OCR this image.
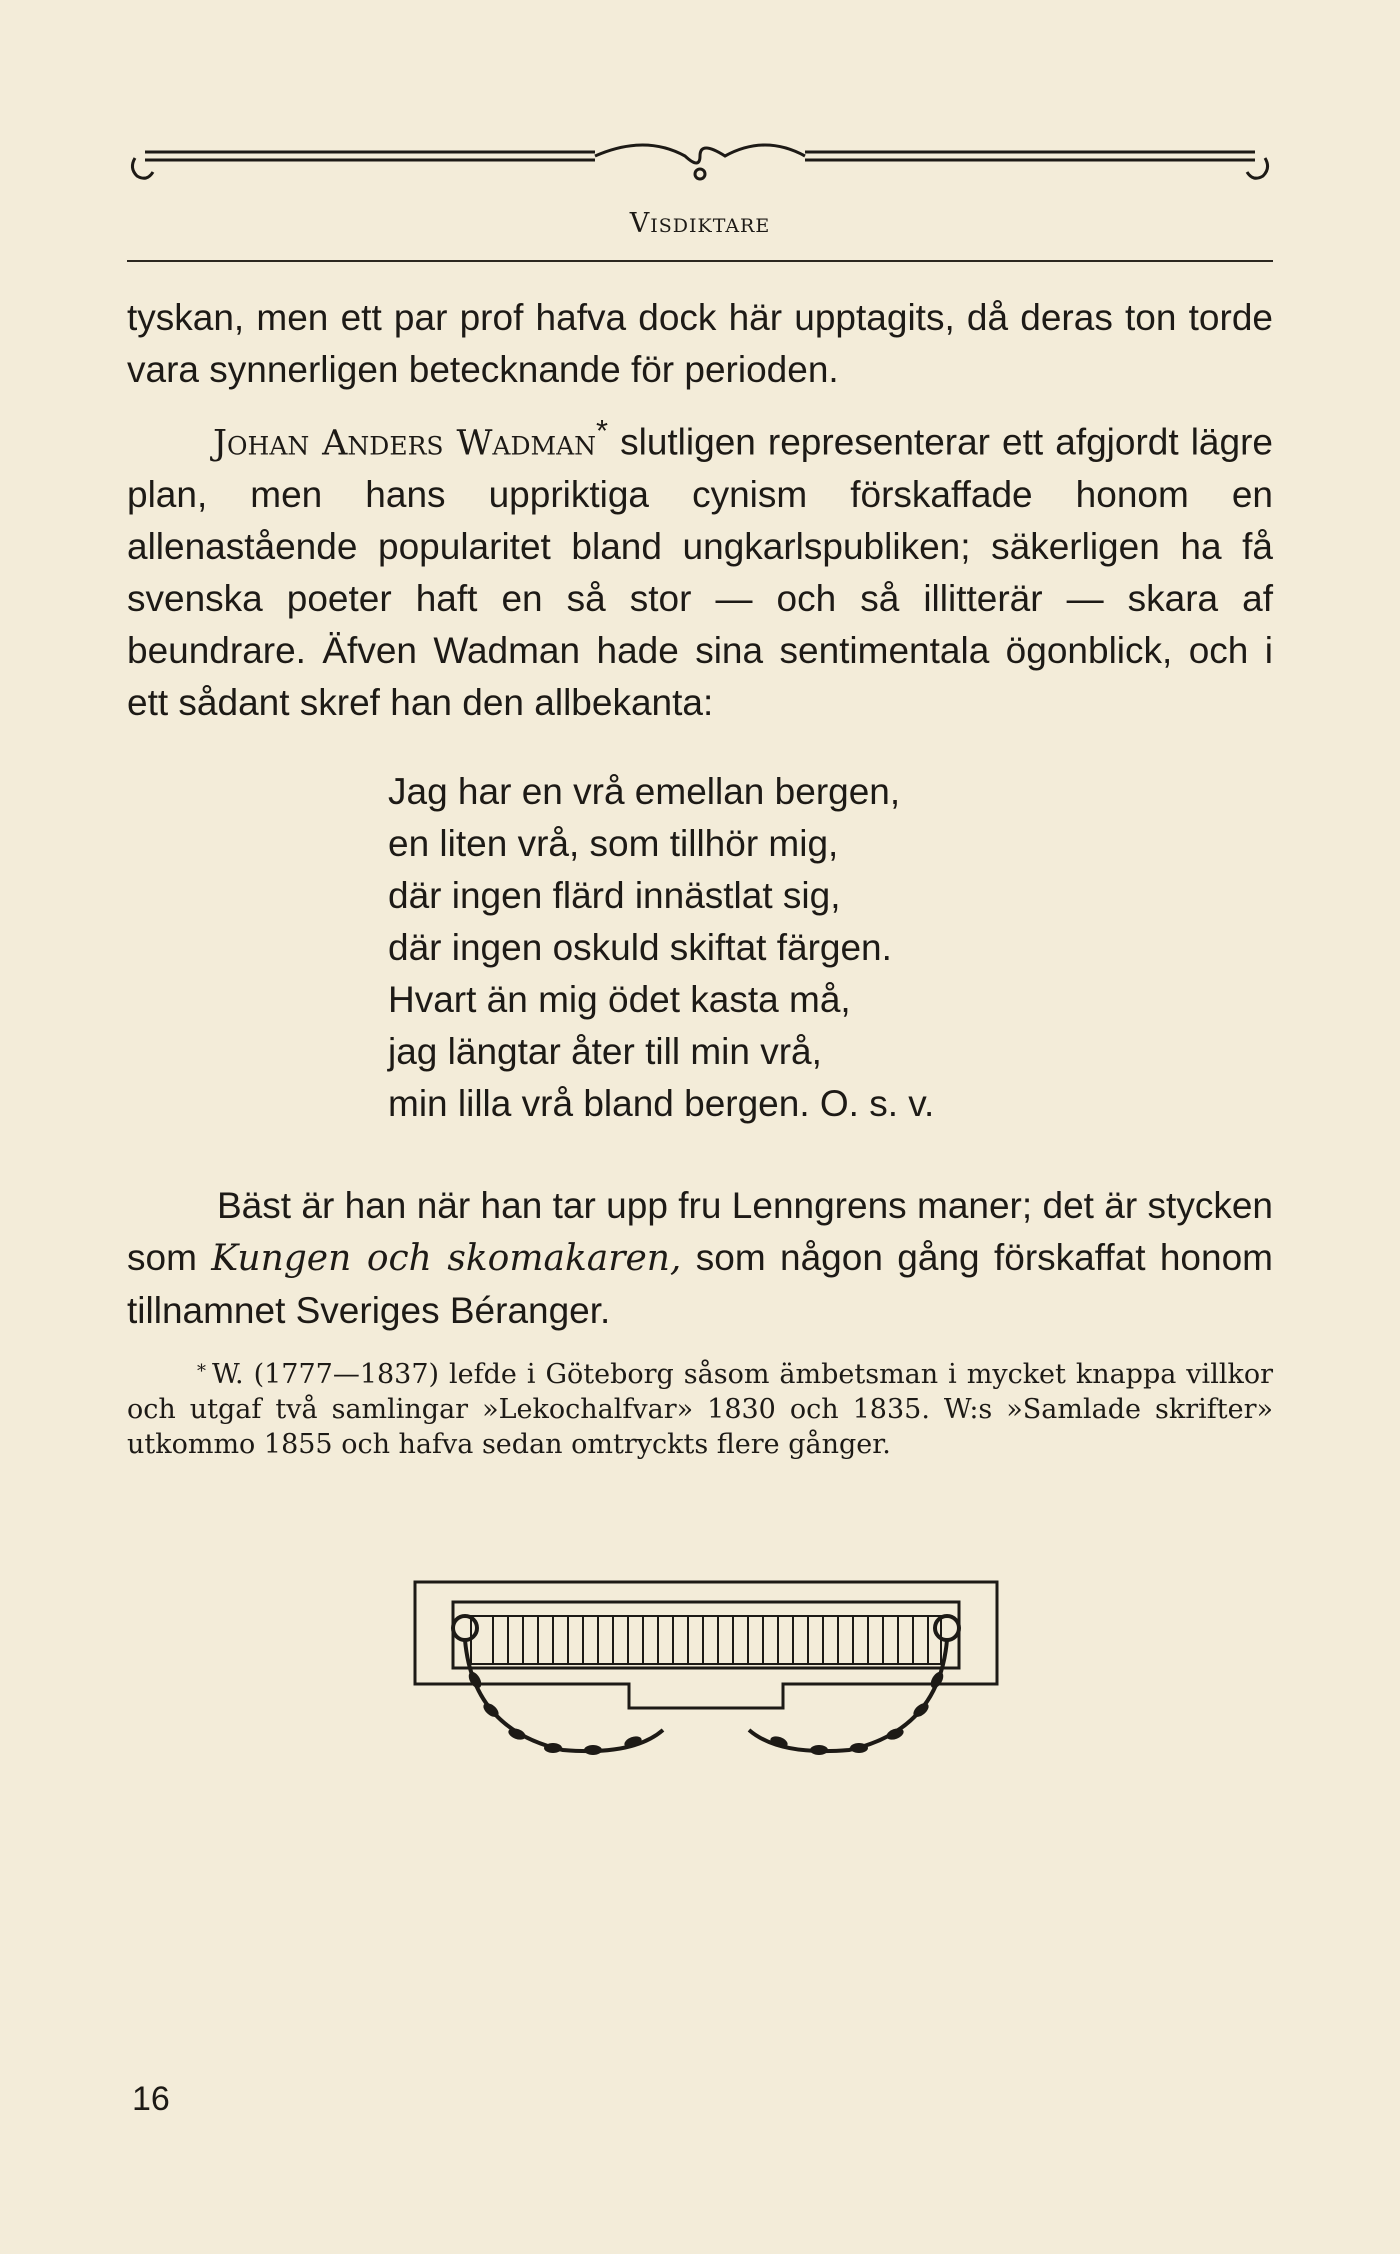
Visdiktare

tyskan, men ett par prof hafva dock här upptagits, då deras ton torde vara synnerligen betecknande för perioden.

Johan Anders Wadman* slutligen representerar ett afgjordt lägre plan, men hans uppriktiga cynism förskaffade honom en allenastående popularitet bland ungkarlspubliken; säkerligen ha få svenska poeter haft en så stor — och så illitterär — skara af beundrare. Äfven Wadman hade sina sentimentala ögonblick, och i ett sådant skref han den allbekanta:

Jag har en vrå emellan bergen,
en liten vrå, som tillhör mig,
där ingen flärd innästlat sig,
där ingen oskuld skiftat färgen.
Hvart än mig ödet kasta må,
jag längtar åter till min vrå,
min lilla vrå bland bergen. O. s. v.

Bäst är han när han tar upp fru Lenngrens maner; det är stycken som Kungen och skomakaren, som någon gång förskaffat honom tillnamnet Sveriges Béranger.

* W. (1777—1837) lefde i Göteborg såsom ämbetsman i mycket knappa villkor och utgaf två samlingar »Lekochalfvar» 1830 och 1835. W:s »Samlade skrifter» utkommo 1855 och hafva sedan omtryckts flere gånger.

16
